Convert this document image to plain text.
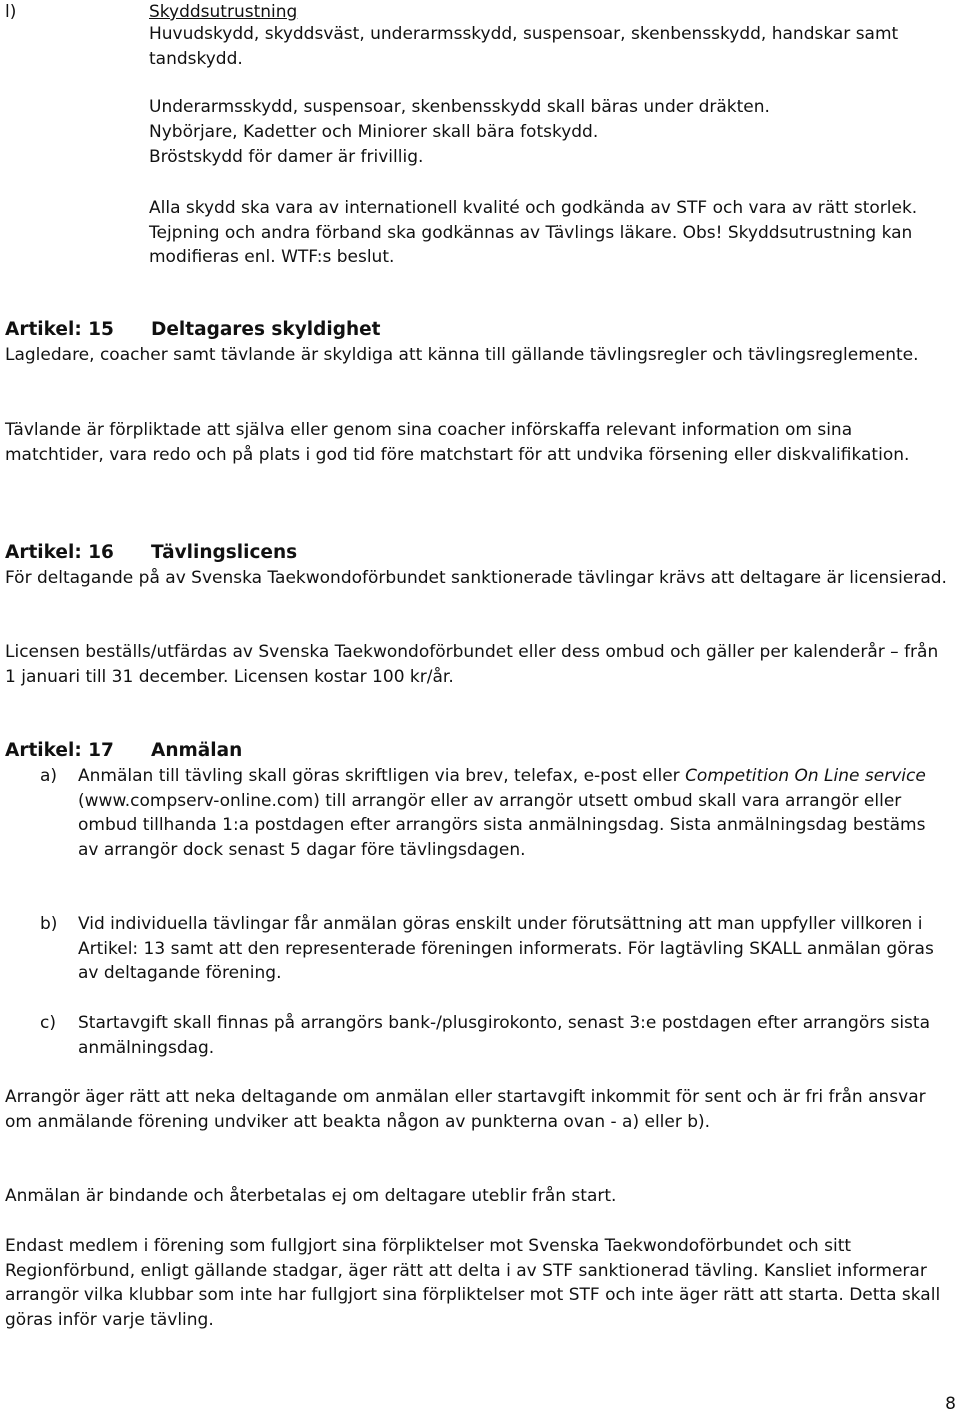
l)	Skyddsutrustning

Huvudskydd, skyddsväst, underarmsskydd, suspensoar, skenbensskydd, handskar samt tandskydd.

Underarmsskydd, suspensoar, skenbensskydd skall bäras under dräkten.

Nybörjare, Kadetter och Miniorer skall bära fotskydd.

Bröstskydd för damer är frivillig.

Alla skydd ska vara av internationell kvalité och godkända av STF och vara av rätt storlek. Tejpning och andra förband ska godkännas av Tävlings läkare. Obs! Skyddsutrustning kan modifieras enl. WTF:s beslut.

Artikel: 15 Deltagares skyldighet

Lagledare, coacher samt tävlande är skyldiga att känna till gällande tävlingsregler och tävlingsreglemente.

Tävlande är förpliktade att själva eller genom sina coacher införskaffa relevant information om sina matchtider, vara redo och på plats i god tid före matchstart för att undvika försening eller diskvalifikation.

Artikel: 16 Tävlingslicens

För deltagande på av Svenska Taekwondoförbundet sanktionerade tävlingar krävs att deltagare är licensierad.

Licensen beställs/utfärdas av Svenska Taekwondoförbundet eller dess ombud och gäller per kalenderår – från 1 januari till 31 december. Licensen kostar 100 kr/år.

Artikel: 17 Anmälan
a) Anmälan till tävling skall göras skriftligen via brev, telefax, e-post eller Competition On Line service (www.compserv-online.com) till arrangör eller av arrangör utsett ombud skall vara arrangör eller ombud tillhanda 1:a postdagen efter arrangörs sista anmälningsdag. Sista anmälningsdag bestäms av arrangör dock senast 5 dagar före tävlingsdagen.

b) Vid individuella tävlingar får anmälan göras enskilt under förutsättning att man uppfyller villkoren i Artikel: 13 samt att den representerade föreningen informerats. För lagtävling SKALL anmälan göras av deltagande förening.

c) Startavgift skall finnas på arrangörs bank-/plusgirokonto, senast 3:e postdagen efter arrangörs sista anmälningsdag.

Arrangör äger rätt att neka deltagande om anmälan eller startavgift inkommit för sent och är fri från ansvar om anmälande förening undviker att beakta någon av punkterna ovan - a) eller b).

Anmälan är bindande och återbetalas ej om deltagare uteblir från start.

Endast medlem i förening som fullgjort sina förpliktelser mot Svenska Taekwondoförbundet och sitt Regionförbund, enligt gällande stadgar, äger rätt att delta i av STF sanktionerad tävling. Kansliet informerar arrangör vilka klubbar som inte har fullgjort sina förpliktelser mot STF och inte äger rätt att starta. Detta skall göras inför varje tävling.

8
